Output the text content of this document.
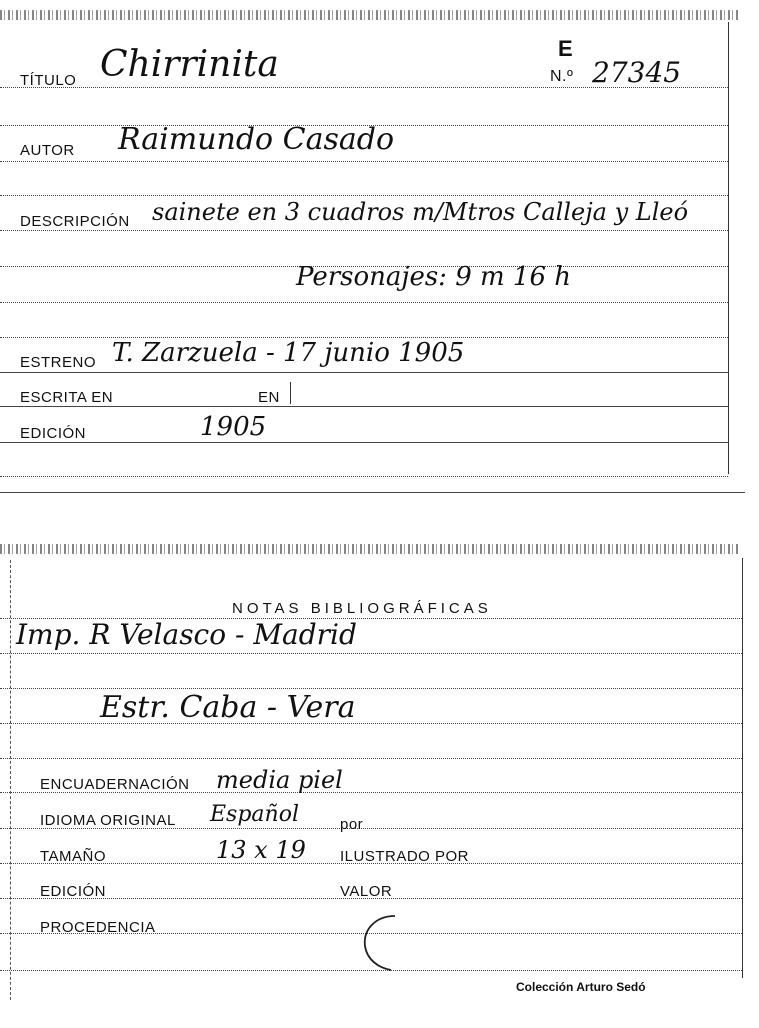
TÍTULO Chirrinita	E
N.º 27345
AUTOR Raimundo Casado
DESCRIPCIÓN sainete en 3 cuadros m/Mtros Calleja y Lleó
Personajes: 9 m 16 h
ESTRENO T. Zarzuela - 17 junio 1905
ESCRITA EN	EN
EDICIÓN	1905
NOTAS BIBLIOGRÁFICAS
Imp. R Velasco - Madrid
Estr. Caba - Vera
ENCUADERNACIÓN media piel
IDIOMA ORIGINAL Español	por
TAMAÑO	13 x 19 ILUSTRADO POR
EDICIÓN	VALOR
PROCEDENCIA
Colección Arturo Sedó
